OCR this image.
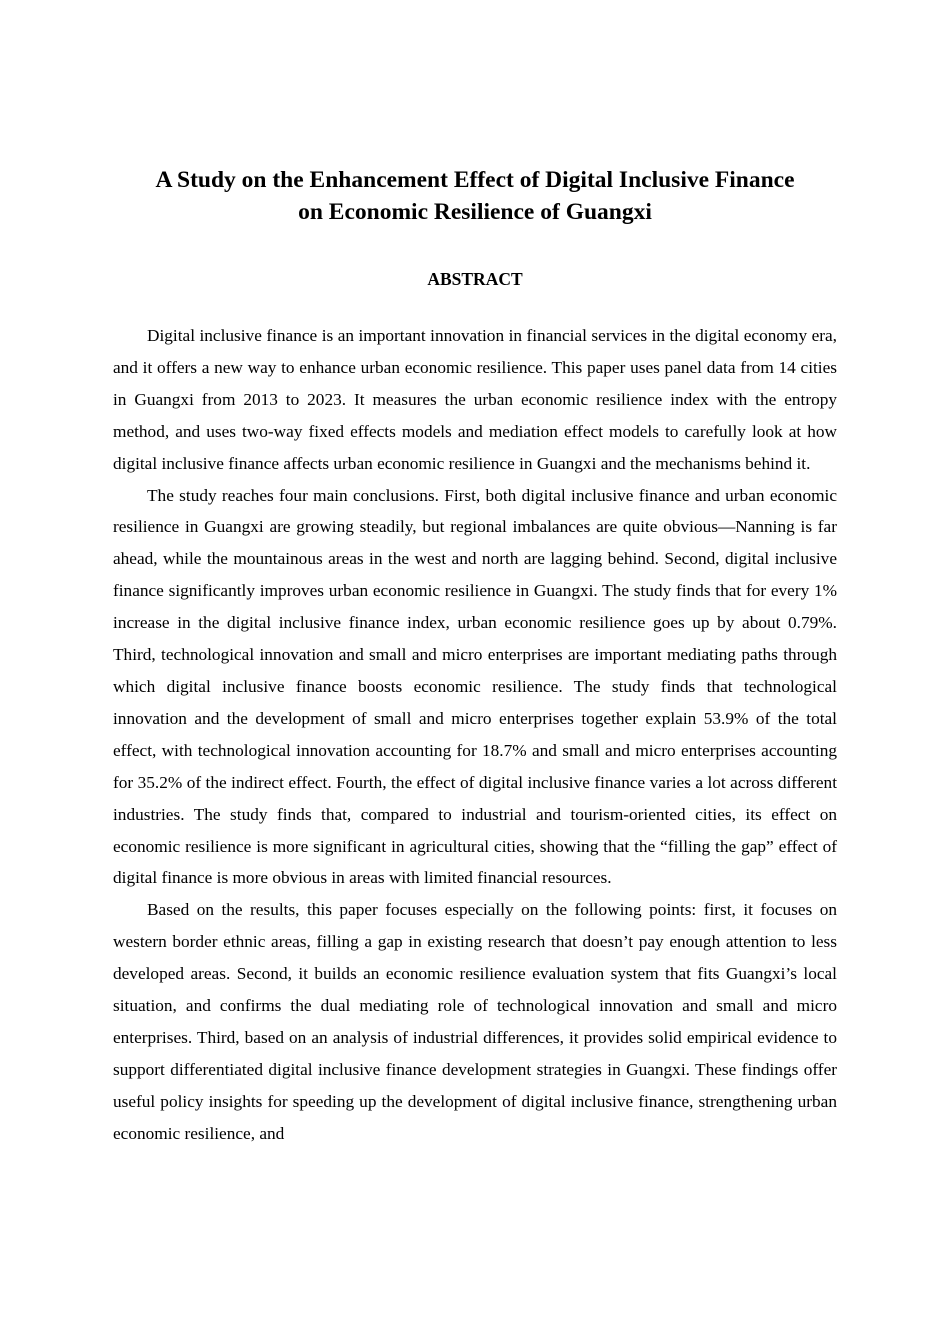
A Study on the Enhancement Effect of Digital Inclusive Finance
on Economic Resilience of Guangxi
ABSTRACT

Digital inclusive finance is an important innovation in financial services in the digital economy era, and it offers a new way to enhance urban economic resilience. This paper uses panel data from 14 cities in Guangxi from 2013 to 2023. It measures the urban economic resilience index with the entropy method, and uses two-way fixed effects models and mediation effect models to carefully look at how digital inclusive finance affects urban economic resilience in Guangxi and the mechanisms behind it.

The study reaches four main conclusions. First, both digital inclusive finance and urban economic resilience in Guangxi are growing steadily, but regional imbalances are quite obvious—Nanning is far ahead, while the mountainous areas in the west and north are lagging behind. Second, digital inclusive finance significantly improves urban economic resilience in Guangxi. The study finds that for every 1% increase in the digital inclusive finance index, urban economic resilience goes up by about 0.79%. Third, technological innovation and small and micro enterprises are important mediating paths through which digital inclusive finance boosts economic resilience. The study finds that technological innovation and the development of small and micro enterprises together explain 53.9% of the total effect, with technological innovation accounting for 18.7% and small and micro enterprises accounting for 35.2% of the indirect effect. Fourth, the effect of digital inclusive finance varies a lot across different industries. The study finds that, compared to industrial and tourism-oriented cities, its effect on economic resilience is more significant in agricultural cities, showing that the “filling the gap” effect of digital finance is more obvious in areas with limited financial resources.

Based on the results, this paper focuses especially on the following points: first, it focuses on western border ethnic areas, filling a gap in existing research that doesn’t pay enough attention to less developed areas. Second, it builds an economic resilience evaluation system that fits Guangxi’s local situation, and confirms the dual mediating role of technological innovation and small and micro enterprises. Third, based on an analysis of industrial differences, it provides solid empirical evidence to support differentiated digital inclusive finance development strategies in Guangxi. These findings offer useful policy insights for speeding up the development of digital inclusive finance, strengthening urban economic resilience, and
